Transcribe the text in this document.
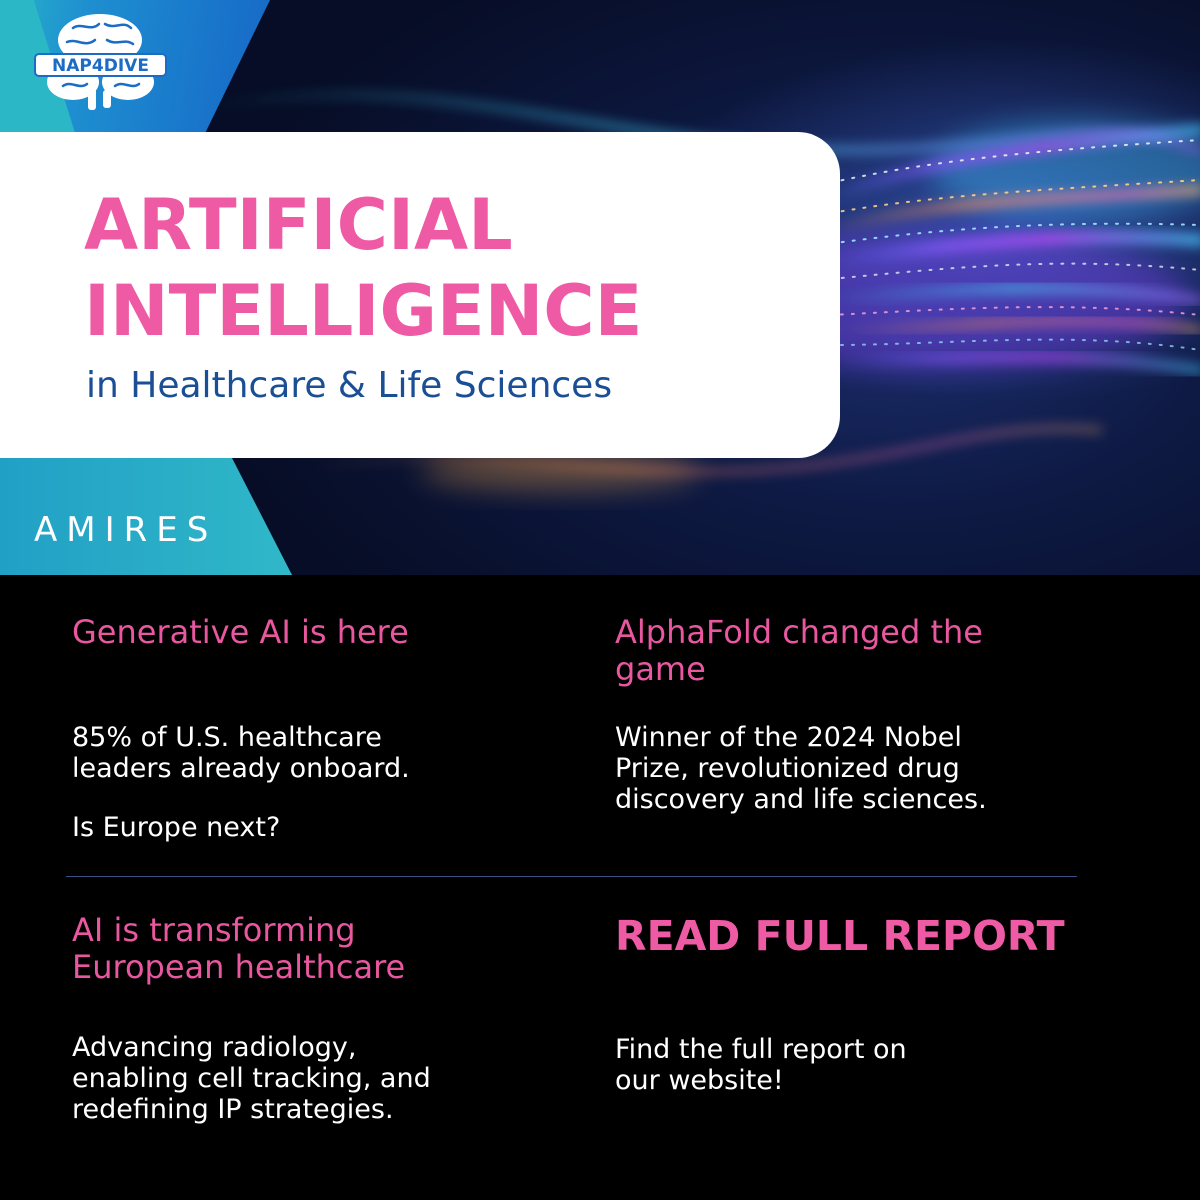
NAP4DIVE
ARTIFICIAL
INTELLIGENCE
in Healthcare & Life Sciences
AMIRES
Generative AI is here
85% of U.S. healthcare
leaders already onboard.
Is Europe next?
AlphaFold changed the
game
Winner of the 2024 Nobel
Prize, revolutionized drug
discovery and life sciences.
AI is transforming
European healthcare
Advancing radiology,
enabling cell tracking, and
redefining IP strategies.
READ FULL REPORT
Find the full report on
our website!
